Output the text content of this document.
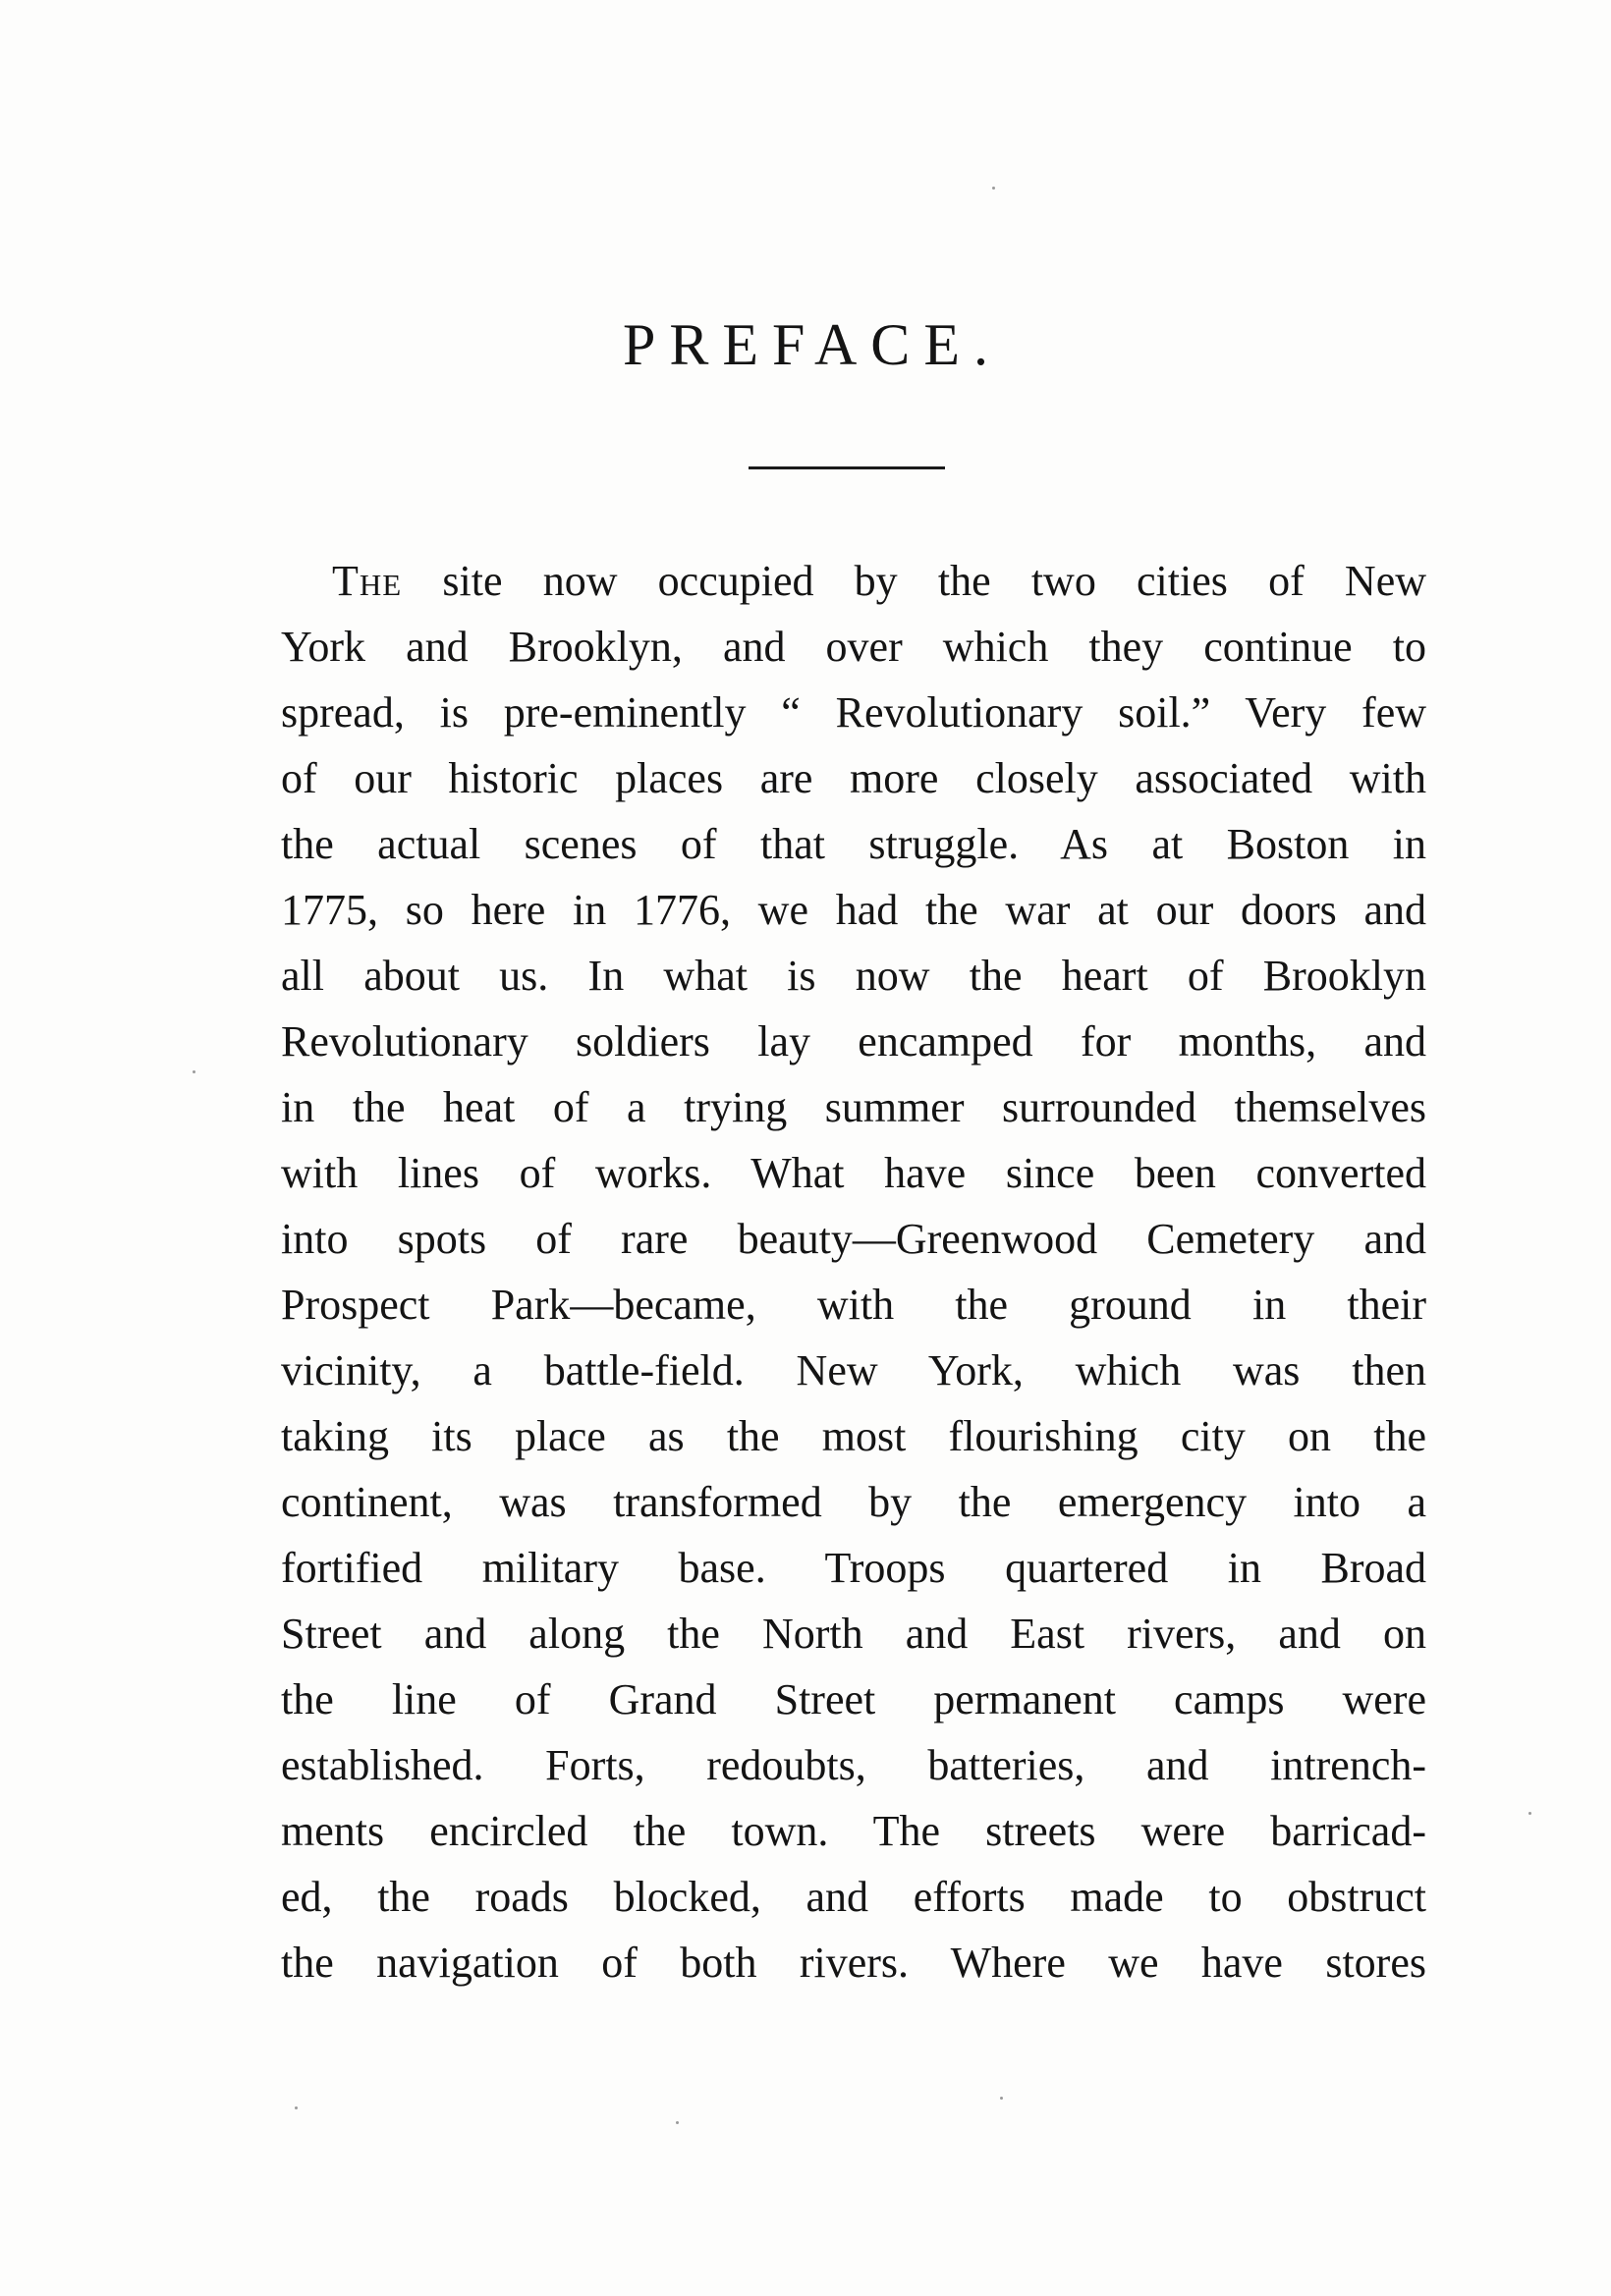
PREFACE.
The site now occupied by the two cities of New
York and Brooklyn, and over which they continue to
spread, is pre-eminently “ Revolutionary soil.” Very few
of our historic places are more closely associated with
the actual scenes of that struggle. As at Boston in
1775, so here in 1776, we had the war at our doors and
all about us. In what is now the heart of Brooklyn
Revolutionary soldiers lay encamped for months, and
in the heat of a trying summer surrounded themselves
with lines of works. What have since been converted
into spots of rare beauty—Greenwood Cemetery and
Prospect Park—became, with the ground in their
vicinity, a battle-field. New York, which was then
taking its place as the most flourishing city on the
continent, was transformed by the emergency into a
fortified military base. Troops quartered in Broad
Street and along the North and East rivers, and on
the line of Grand Street permanent camps were
established. Forts, redoubts, batteries, and intrench-
ments encircled the town. The streets were barricad-
ed, the roads blocked, and efforts made to obstruct
the navigation of both rivers. Where we have stores
